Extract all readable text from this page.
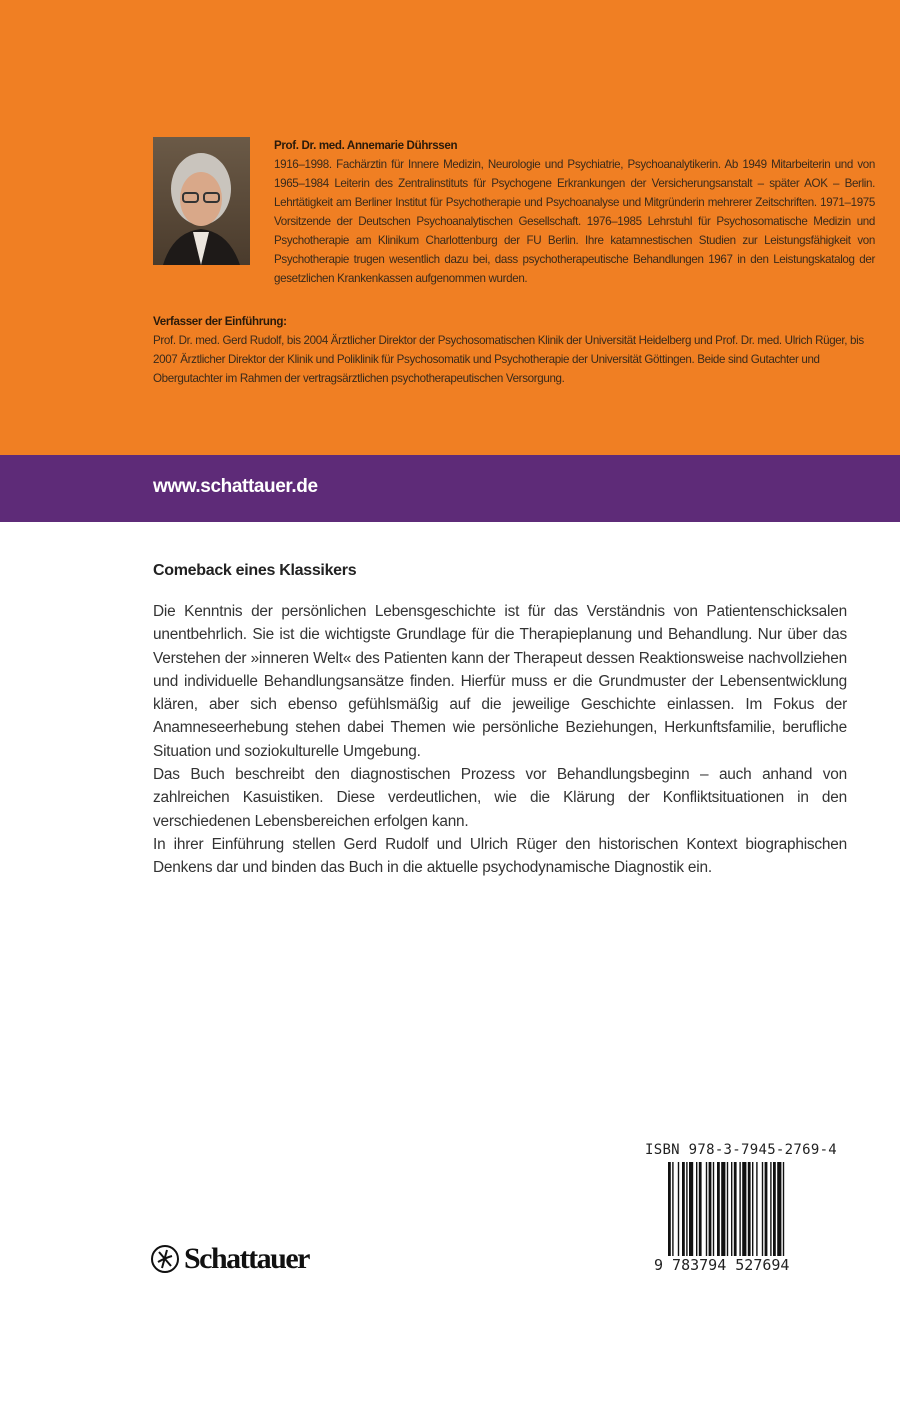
Prof. Dr. med. Annemarie Dührssen
1916–1998. Fachärztin für Innere Medizin, Neurologie und Psychiatrie, Psychoanalytikerin. Ab 1949 Mitarbeiterin und von 1965–1984 Leiterin des Zentralinstituts für Psychogene Erkrankungen der Versicherungsanstalt – später AOK – Berlin. Lehrtätigkeit am Berliner Institut für Psychotherapie und Psychoanalyse und Mitgründerin mehrerer Zeitschriften. 1971–1975 Vorsitzende der Deutschen Psychoanalytischen Gesellschaft. 1976–1985 Lehrstuhl für Psychosomatische Medizin und Psychotherapie am Klinikum Charlottenburg der FU Berlin. Ihre katamnestischen Studien zur Leistungsfähigkeit von Psychotherapie trugen wesentlich dazu bei, dass psychotherapeutische Behandlungen 1967 in den Leistungskatalog der gesetzlichen Krankenkassen aufgenommen wurden.
Verfasser der Einführung:
Prof. Dr. med. Gerd Rudolf, bis 2004 Ärztlicher Direktor der Psychosomatischen Klinik der Universität Heidelberg und Prof. Dr. med. Ulrich Rüger, bis 2007 Ärztlicher Direktor der Klinik und Poliklinik für Psychosomatik und Psychotherapie der Universität Göttingen. Beide sind Gutachter und Obergutachter im Rahmen der vertragsärztlichen psychotherapeutischen Versorgung.
www.schattauer.de
Comeback eines Klassikers

Die Kenntnis der persönlichen Lebensgeschichte ist für das Verständnis von Patientenschicksalen unentbehrlich. Sie ist die wichtigste Grundlage für die Therapieplanung und Behandlung. Nur über das Verstehen der »inneren Welt« des Patienten kann der Therapeut dessen Reaktionsweise nachvollziehen und individuelle Behandlungsansätze finden. Hierfür muss er die Grundmuster der Lebensentwicklung klären, aber sich ebenso gefühlsmäßig auf die jeweilige Geschichte einlassen. Im Fokus der Anamneseerhebung stehen dabei Themen wie persönliche Beziehungen, Herkunftsfamilie, berufliche Situation und soziokulturelle Umgebung.

Das Buch beschreibt den diagnostischen Prozess vor Behandlungsbeginn – auch anhand von zahlreichen Kasuistiken. Diese verdeutlichen, wie die Klärung der Konfliktsituationen in den verschiedenen Lebensbereichen erfolgen kann.

In ihrer Einführung stellen Gerd Rudolf und Ulrich Rüger den historischen Kontext biographischen Denkens dar und binden das Buch in die aktuelle psychodynamische Diagnostik ein.

Schattauer
ISBN 978-3-7945-2769-4
9 783794 527694
